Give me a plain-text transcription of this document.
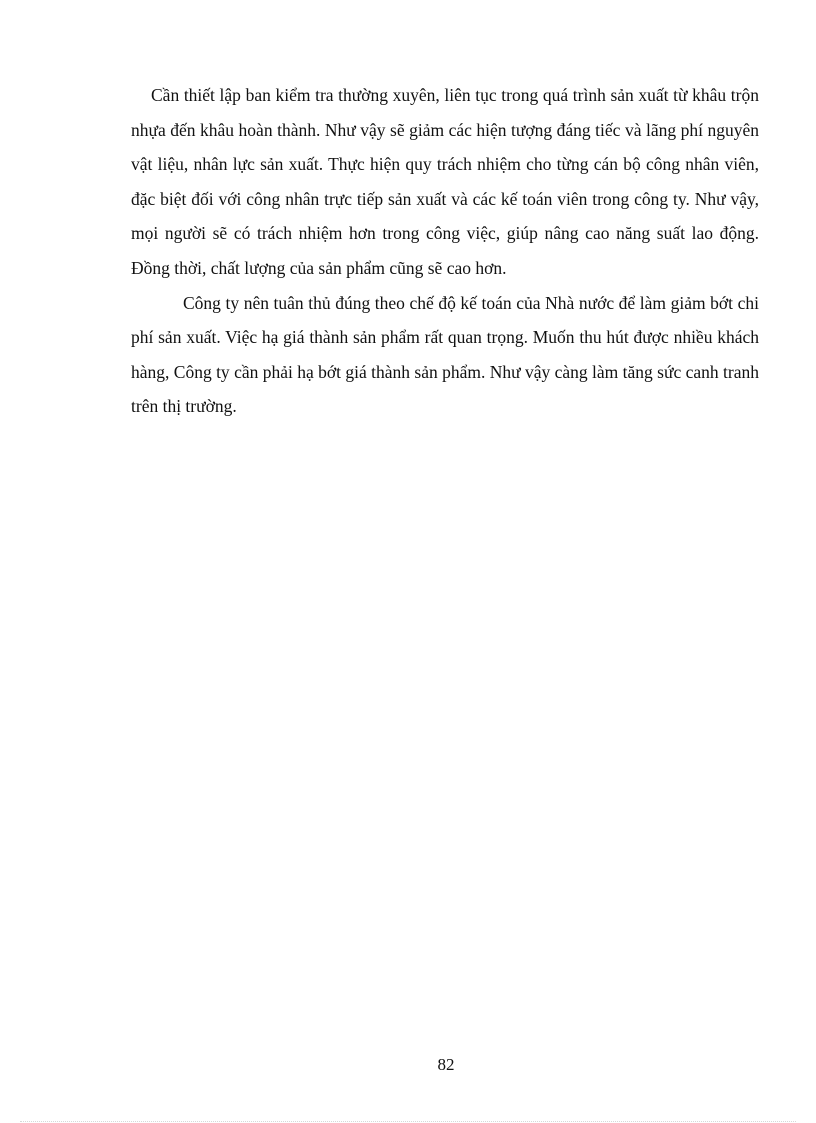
Cần thiết lập ban kiểm tra thường xuyên, liên tục trong quá trình sản xuất từ khâu trộn nhựa đến khâu hoàn thành. Như vậy sẽ giảm các hiện tượng đáng tiếc và lãng phí nguyên vật liệu, nhân lực sản xuất. Thực hiện quy trách nhiệm cho từng cán bộ công nhân viên, đặc biệt đối với công nhân trực tiếp sản xuất và các kế toán viên trong công ty. Như vậy, mọi người sẽ có trách nhiệm hơn trong công việc, giúp nâng cao năng suất lao động. Đồng thời, chất lượng của sản phẩm cũng sẽ cao hơn.

Công ty nên tuân thủ đúng theo chế độ kế toán của Nhà nước để làm giảm bớt chi phí sản xuất. Việc hạ giá thành sản phẩm rất quan trọng. Muốn thu hút được nhiều khách hàng, Công ty cần phải hạ bớt giá thành sản phẩm. Như vậy càng làm tăng sức canh tranh trên thị trường.

82
